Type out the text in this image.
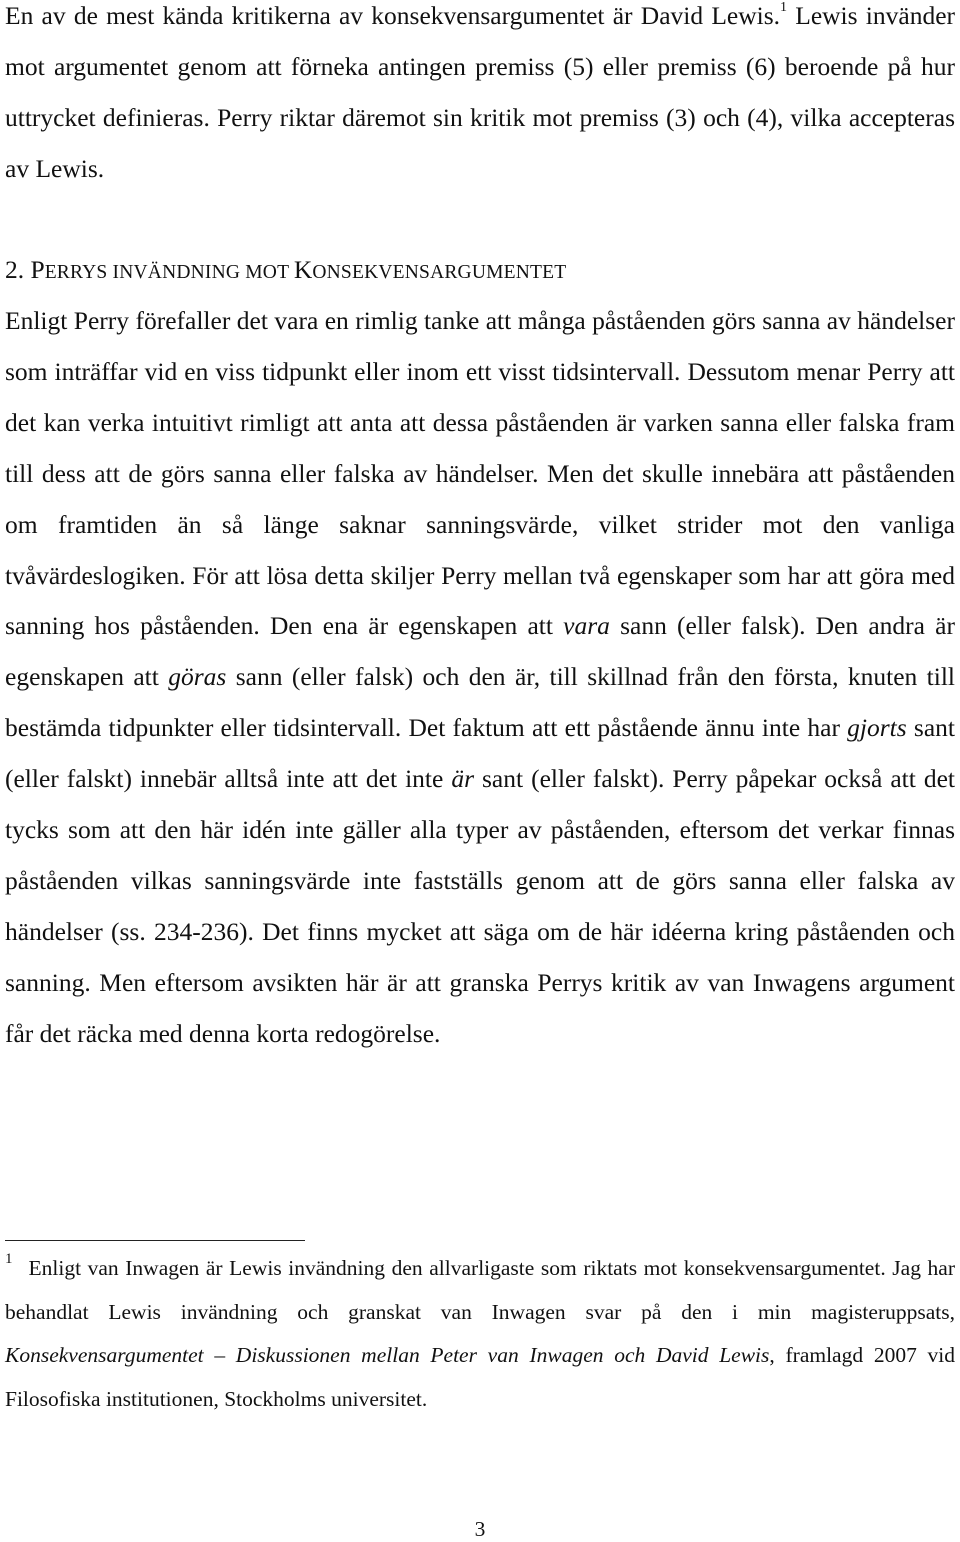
En av de mest kända kritikerna av konsekvensargumentet är David Lewis.$^1$ Lewis invänder mot argumentet genom att förneka antingen premiss (5) eller premiss (6) beroende på hur uttrycket definieras. Perry riktar däremot sin kritik mot premiss (3) och (4), vilka accepteras av Lewis.

2. PERRYS INVÄNDNING MOT KONSEKVENSARGUMENTET

Enligt Perry förefaller det vara en rimlig tanke att många påståenden görs sanna av händelser som inträffar vid en viss tidpunkt eller inom ett visst tidsintervall. Dessutom menar Perry att det kan verka intuitivt rimligt att anta att dessa påståenden är varken sanna eller falska fram till dess att de görs sanna eller falska av händelser. Men det skulle innebära att påståenden om framtiden än så länge saknar sanningsvärde, vilket strider mot den vanliga tvåvärdeslogiken. För att lösa detta skiljer Perry mellan två egenskaper som har att göra med sanning hos påståenden. Den ena är egenskapen att vara sann (eller falsk). Den andra är egenskapen att göras sann (eller falsk) och den är, till skillnad från den första, knuten till bestämda tidpunkter eller tidsintervall. Det faktum att ett påstående ännu inte har gjorts sant (eller falskt) innebär alltså inte att det inte är sant (eller falskt). Perry påpekar också att det tycks som att den här idén inte gäller alla typer av påståenden, eftersom det verkar finnas påståenden vilkas sanningsvärde inte fastställs genom att de görs sanna eller falska av händelser (ss. 234-236). Det finns mycket att säga om de här idéerna kring påståenden och sanning. Men eftersom avsikten här är att granska Perrys kritik av van Inwagens argument får det räcka med denna korta redogörelse.

$^1$ Enligt van Inwagen är Lewis invändning den allvarligaste som riktats mot konsekvensargumentet. Jag har behandlat Lewis invändning och granskat van Inwagen svar på den i min magisteruppsats, Konsekvensargumentet – Diskussionen mellan Peter van Inwagen och David Lewis, framlagd 2007 vid Filosofiska institutionen, Stockholms universitet.

3
